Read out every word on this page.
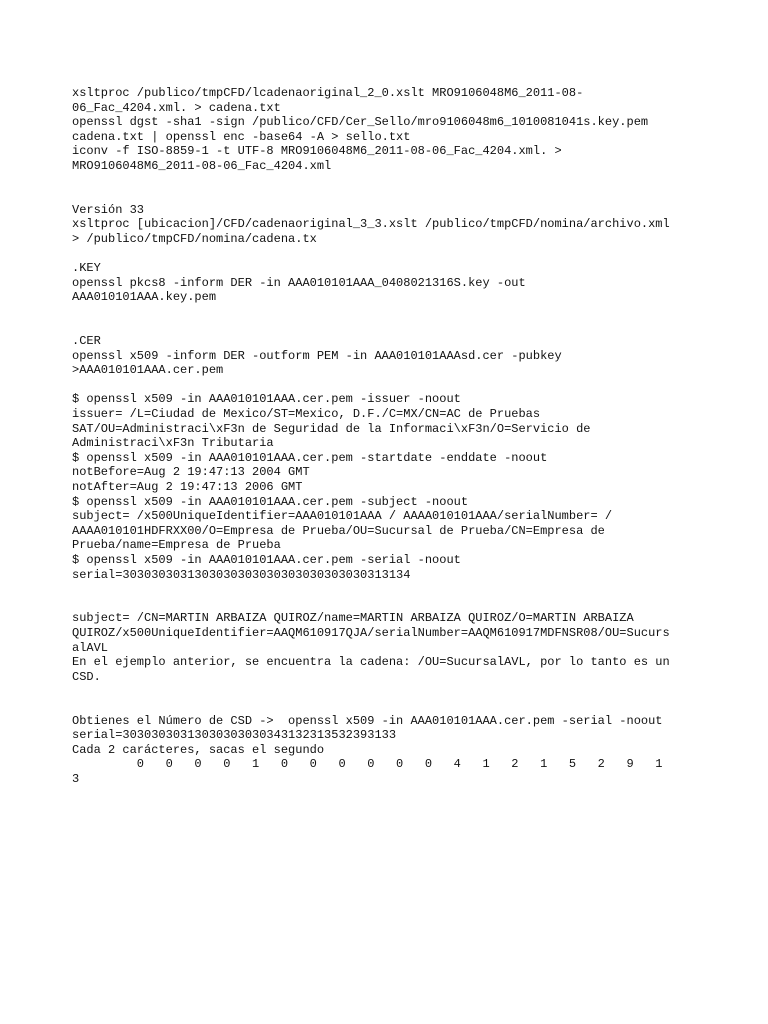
xsltproc /publico/tmpCFD/lcadenaoriginal_2_0.xslt MRO9106048M6_2011-08-
06_Fac_4204.xml. > cadena.txt
openssl dgst -sha1 -sign /publico/CFD/Cer_Sello/mro9106048m6_1010081041s.key.pem
cadena.txt | openssl enc -base64 -A > sello.txt
iconv -f ISO-8859-1 -t UTF-8 MRO9106048M6_2011-08-06_Fac_4204.xml. >
MRO9106048M6_2011-08-06_Fac_4204.xml
Versión 33
xsltproc [ubicacion]/CFD/cadenaoriginal_3_3.xslt /publico/tmpCFD/nomina/archivo.xml
> /publico/tmpCFD/nomina/cadena.tx
.KEY
openssl pkcs8 -inform DER -in AAA010101AAA_0408021316S.key -out
AAA010101AAA.key.pem
.CER
openssl x509 -inform DER -outform PEM -in AAA010101AAAsd.cer -pubkey
>AAA010101AAA.cer.pem
$ openssl x509 -in AAA010101AAA.cer.pem -issuer -noout
issuer= /L=Ciudad de Mexico/ST=Mexico, D.F./C=MX/CN=AC de Pruebas
SAT/OU=Administraci\xF3n de Seguridad de la Informaci\xF3n/O=Servicio de
Administraci\xF3n Tributaria
$ openssl x509 -in AAA010101AAA.cer.pem -startdate -enddate -noout
notBefore=Aug 2 19:47:13 2004 GMT
notAfter=Aug 2 19:47:13 2006 GMT
$ openssl x509 -in AAA010101AAA.cer.pem -subject -noout
subject= /x500UniqueIdentifier=AAA010101AAA / AAAA010101AAA/serialNumber= /
AAAA010101HDFRXX00/O=Empresa de Prueba/OU=Sucursal de Prueba/CN=Empresa de
Prueba/name=Empresa de Prueba
$ openssl x509 -in AAA010101AAA.cer.pem -serial -noout
serial=3030303031303030303030303030303030313134
subject= /CN=MARTIN ARBAIZA QUIROZ/name=MARTIN ARBAIZA QUIROZ/O=MARTIN ARBAIZA
QUIROZ/x500UniqueIdentifier=AAQM610917QJA/serialNumber=AAQM610917MDFNSR08/OU=Sucurs
alAVL
En el ejemplo anterior, se encuentra la cadena: /OU=SucursalAVL, por lo tanto es un
CSD.
Obtienes el Número de CSD ->  openssl x509 -in AAA010101AAA.cer.pem -serial -noout
serial=30303030313030303030343132313532393133
Cada 2 carácteres, sacas el segundo
0   0   0   0   1   0   0   0   0   0   0   4   1   2   1   5   2   9   1
3
